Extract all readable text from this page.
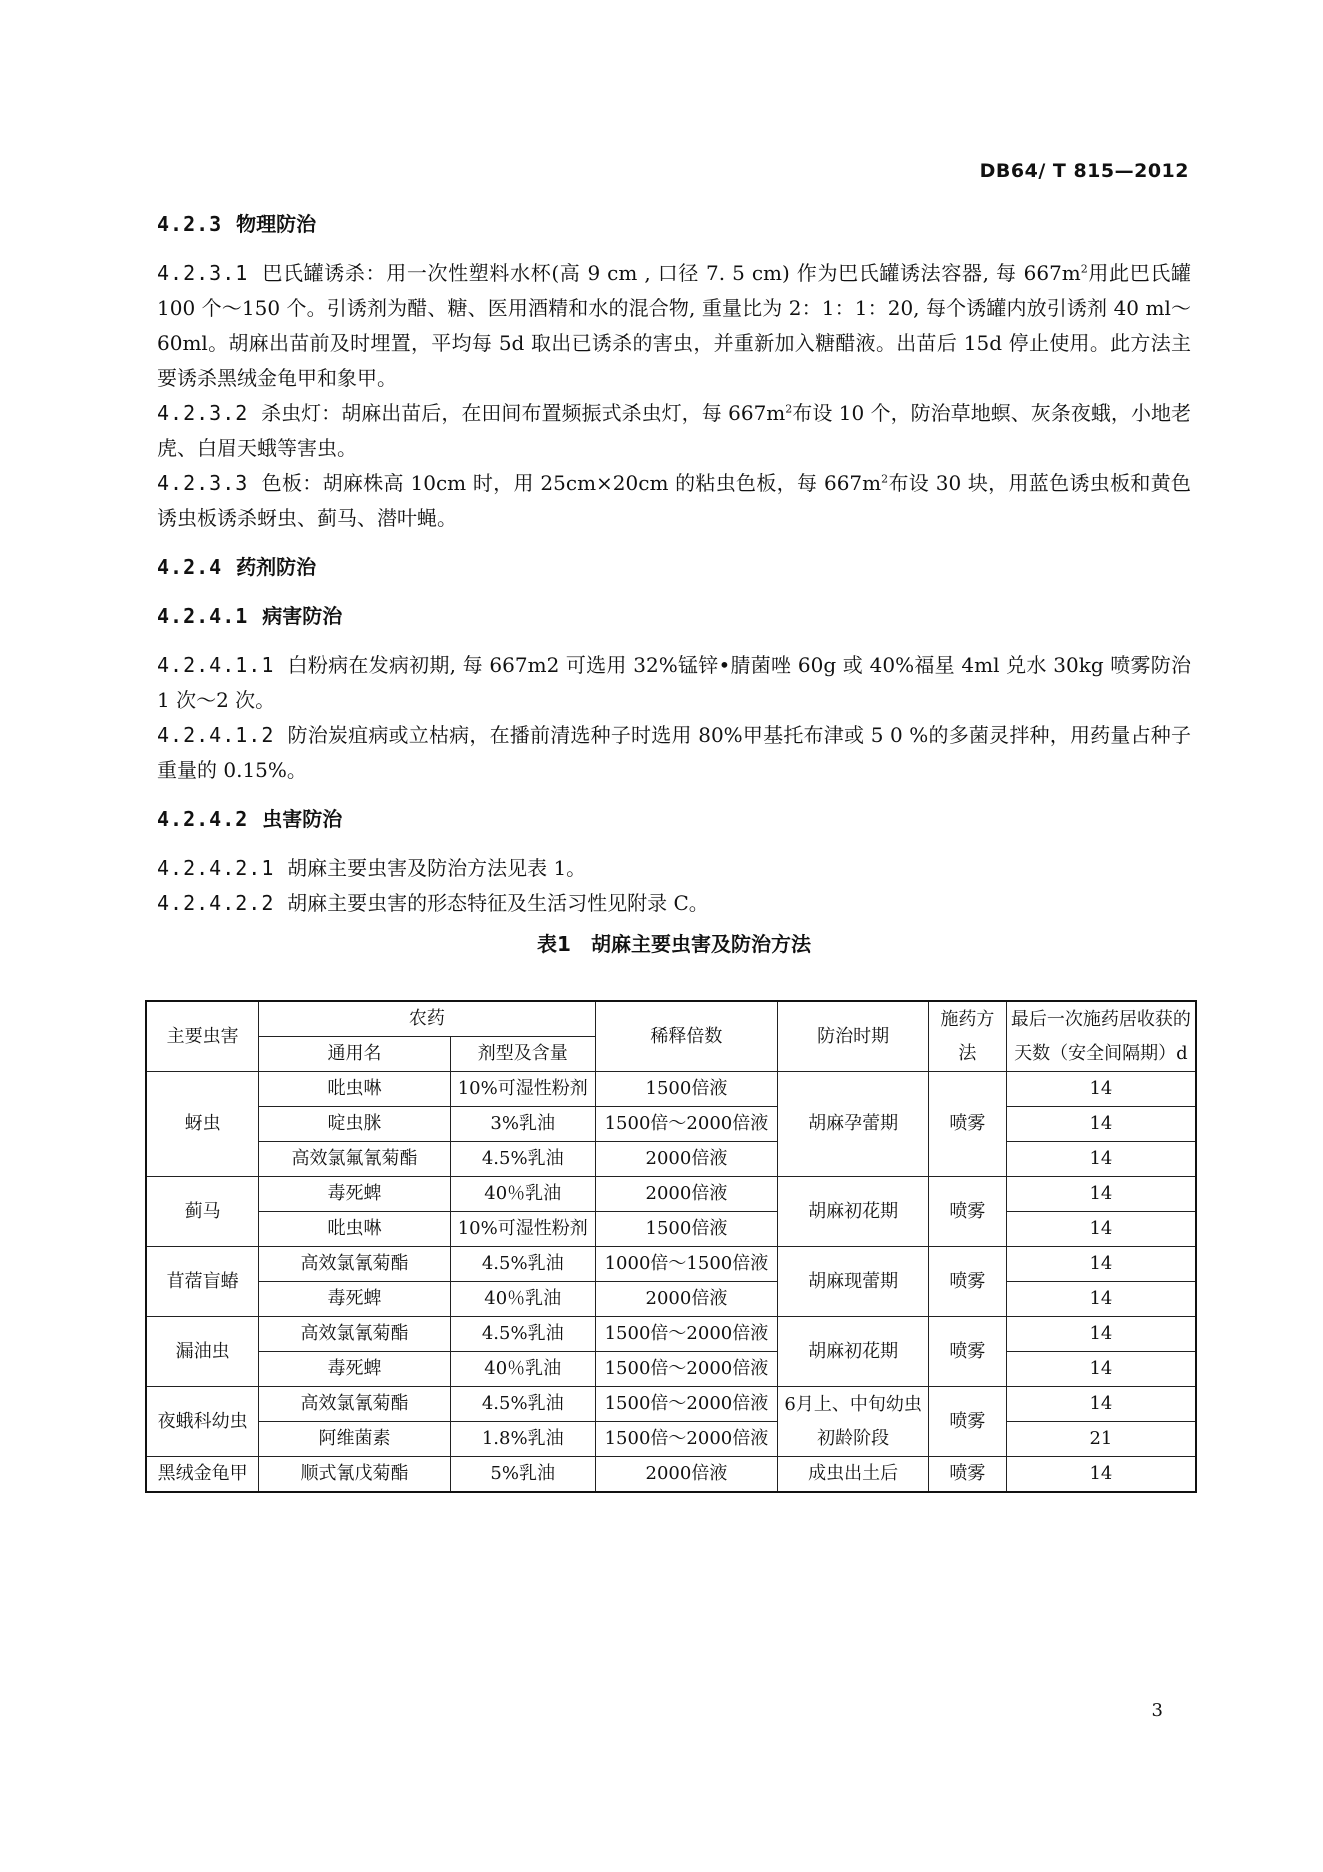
DB64/ T 815—2012

4.2.3 物理防治

4.2.3.1 巴氏罐诱杀：用一次性塑料水杯(高 9 cm , 口径 7. 5 cm) 作为巴氏罐诱法容器, 每 $667m^2$用此巴氏罐 100 个～150 个。引诱剂为醋、糖、医用酒精和水的混合物, 重量比为 2：1：1：20, 每个诱罐内放引诱剂 40 ml～60ml。胡麻出苗前及时埋置，平均每 5d 取出已诱杀的害虫，并重新加入糖醋液。出苗后 15d 停止使用。此方法主要诱杀黑绒金龟甲和象甲。

4.2.3.2 杀虫灯：胡麻出苗后，在田间布置频振式杀虫灯，每 $667m^2$布设 10 个，防治草地螟、灰条夜蛾，小地老虎、白眉天蛾等害虫。

4.2.3.3 色板：胡麻株高 10cm 时，用 25cm×20cm 的粘虫色板，每 $667m^2$布设 30 块，用蓝色诱虫板和黄色诱虫板诱杀蚜虫、蓟马、潜叶蝇。

4.2.4 药剂防治

4.2.4.1 病害防治

4.2.4.1.1 白粉病在发病初期, 每 667m2 可选用 32%锰锌•腈菌唑 60g 或 40%福星 4ml 兑水 30kg 喷雾防治 1 次～2 次。

4.2.4.1.2 防治炭疽病或立枯病，在播前清选种子时选用 80%甲基托布津或 5 0 %的多菌灵拌种，用药量占种子重量的 0.15%。

4.2.4.2 虫害防治

4.2.4.2.1 胡麻主要虫害及防治方法见表 1。

4.2.4.2.2 胡麻主要虫害的形态特征及生活习性见附录 C。

表1　胡麻主要虫害及防治方法

主要虫害	农药		稀释倍数	防治时期	施药方法	最后一次施药居收获的天数（安全间隔期）d
	通用名	剂型及含量				
蚜虫	吡虫啉	10%可湿性粉剂	1500倍液	胡麻孕蕾期	喷雾	14
	啶虫脒	3%乳油	1500倍～2000倍液			14
	高效氯氟氰菊酯	4.5%乳油	2000倍液			14
蓟马	毒死蜱	40％乳油	2000倍液	胡麻初花期	喷雾	14
	吡虫啉	10%可湿性粉剂	1500倍液			14
苜蓿盲蝽	高效氯氰菊酯	4.5%乳油	1000倍～1500倍液	胡麻现蕾期	喷雾	14
	毒死蜱	40％乳油	2000倍液			14
漏油虫	高效氯氰菊酯	4.5%乳油	1500倍～2000倍液	胡麻初花期	喷雾	14
	毒死蜱	40％乳油	1500倍～2000倍液			14
夜蛾科幼虫	高效氯氰菊酯	4.5%乳油	1500倍～2000倍液	6月上、中旬幼虫初龄阶段	喷雾	14
	阿维菌素	1.8%乳油	1500倍～2000倍液			21
黑绒金龟甲	顺式氰戊菊酯	5%乳油	2000倍液	成虫出土后	喷雾	14
3
